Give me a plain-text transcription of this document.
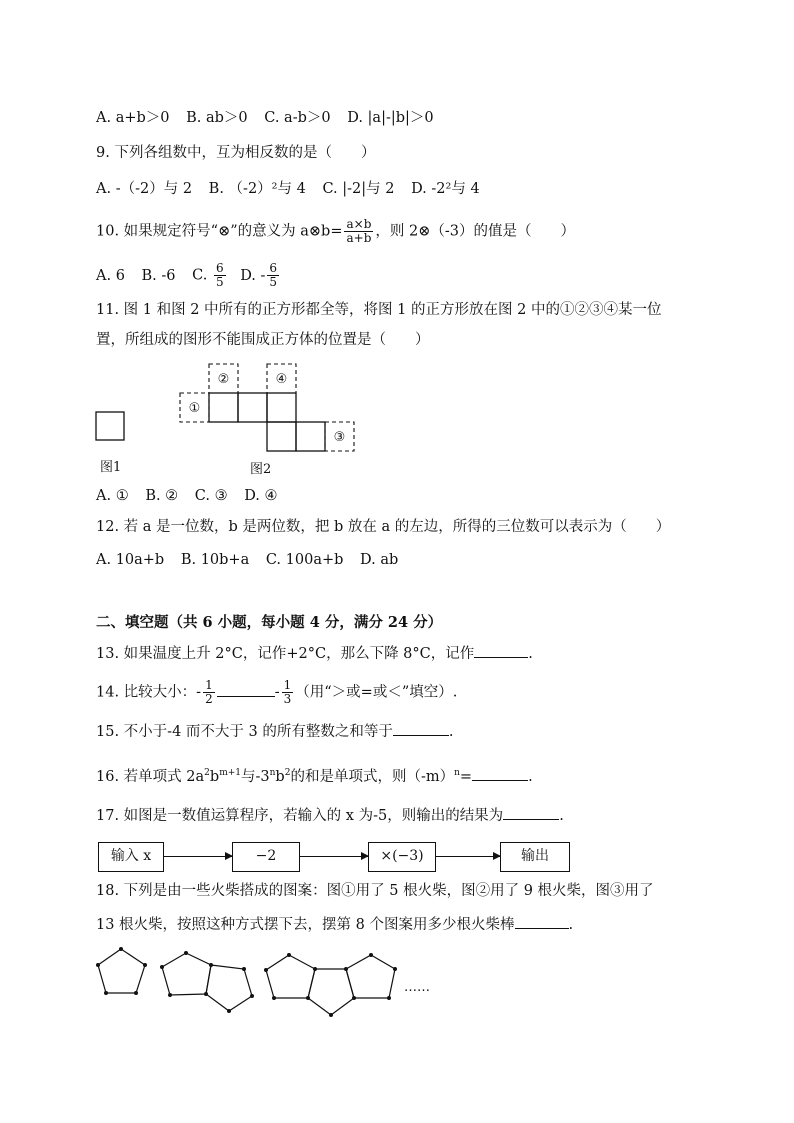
A. a+b＞0 B. ab＞0 C. a-b＞0 D. |a|-|b|＞0
9. 下列各组数中，互为相反数的是（　　）
A. -（-2）与 2 B. （-2）²与 4 C. |-2|与 2 D. -2²与 4
10. 如果规定符号“⊗”的意义为 a⊗b= $\frac{a\times b}{a+b}$ ，则 2⊗（-3）的值是（　　）
A. 6 B. -6 C. $\frac{6}{5} D$. - $\frac{6}{5}$
11. 图 1 和图 2 中所有的正方形都全等，将图 1 的正方形放在图 2 中的①②③④某一位
置，所组成的图形不能围成正方体的位置是（　　）
①
②
③
④
图1	图2
A. ① B. ② C. ③ D. ④
12. 若 a 是一位数，b 是两位数，把 b 放在 a 的左边，所得的三位数可以表示为（　　）
A. 10a+b B. 10b+a C. 100a+b D. ab
二、填空题（共 6 小题，每小题 4 分，满分 24 分）
13. 如果温度上升 2°C，记作+2°C，那么下降 8°C，记作	.
14. 比较大小：- $\frac{1}{2}$	- $\frac{1}{3}$ （用“＞或=或＜”填空）.
15. 不小于-4 而不大于 3 的所有整数之和等于	.
16. 若单项式 $2a^2b^{m+1}$与$-3^nb^2$的和是单项式，则$(-m)^n=$	.
17. 如图是一数值运算程序，若输入的 x 为-5，则输出的结果为	.
输入 x	−2	×(−3)	输出
18. 下列是由一些火柴搭成的图案：图①用了 5 根火柴，图②用了 9 根火柴，图③用了
13 根火柴，按照这种方式摆下去，摆第 8 个图案用多少根火柴棒	.
……
